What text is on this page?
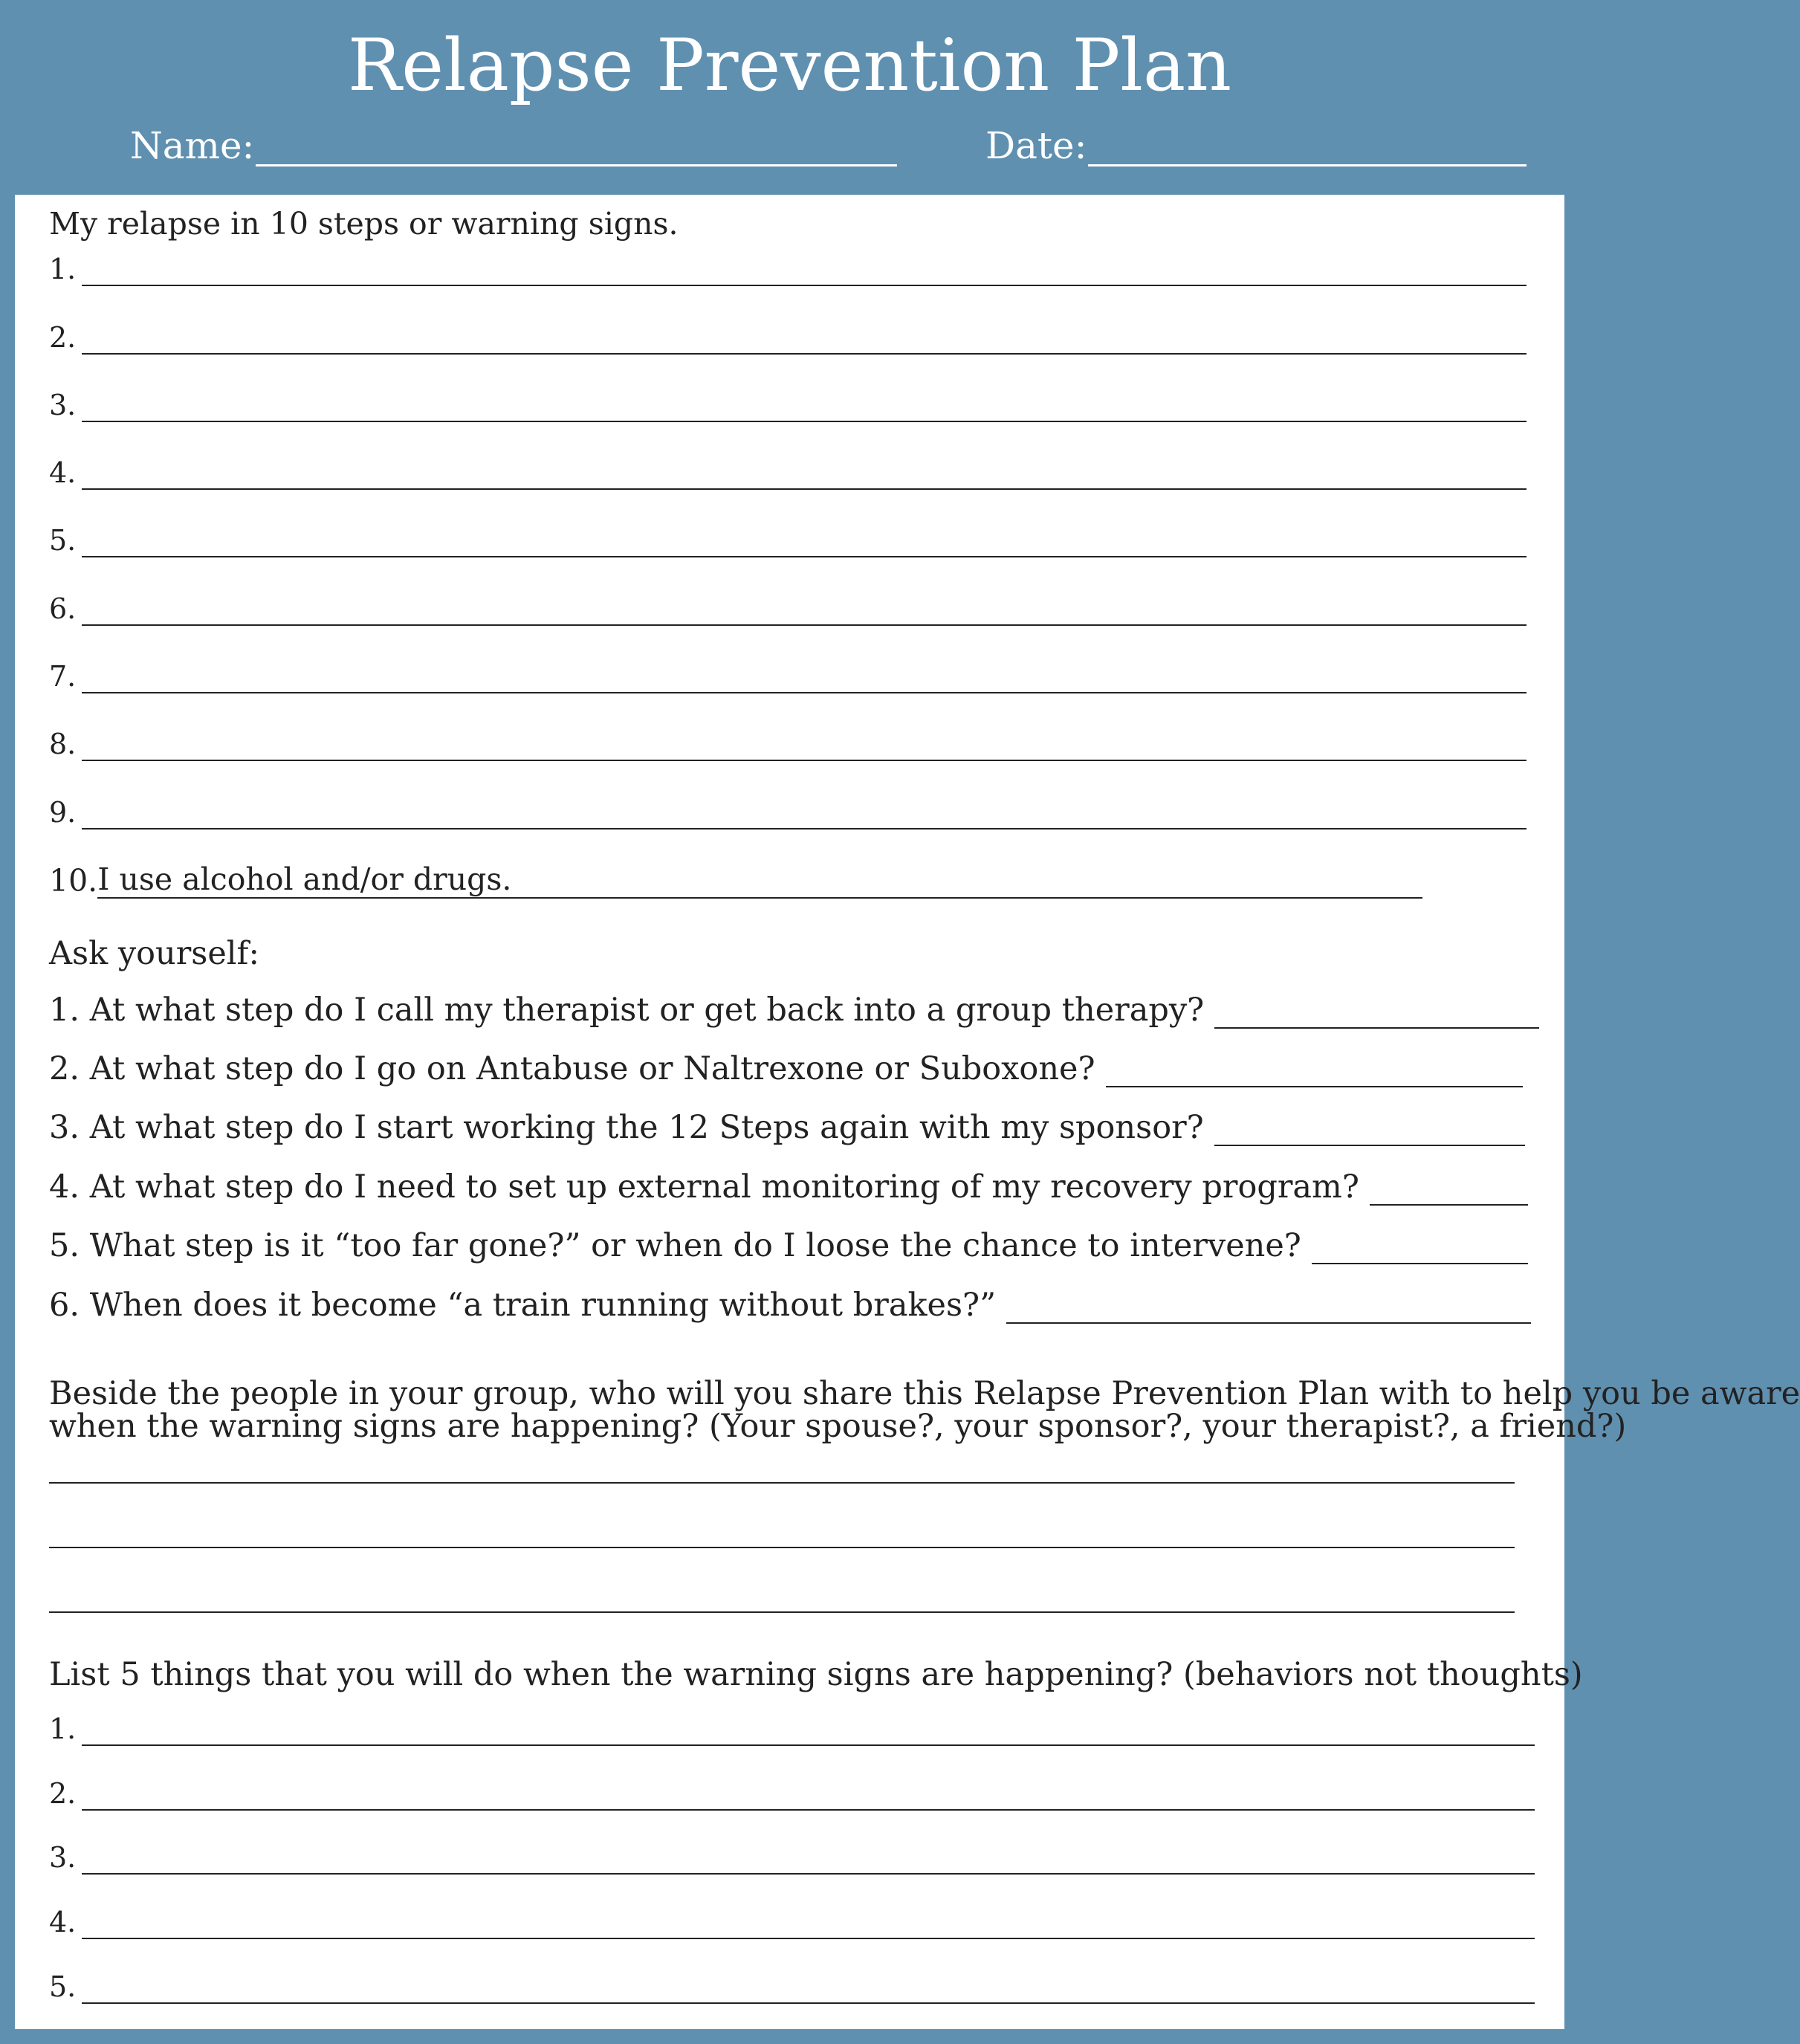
Relapse Prevention Plan
Name:	Date:
My relapse in 10 steps or warning signs.
1.
2.
3.
4.
5.
6.
7.
8.
9.
10. I use alcohol and/or drugs.
Ask yourself:
1. At what step do I call my therapist or get back into a group therapy?
2. At what step do I go on Antabuse or Naltrexone or Suboxone?
3. At what step do I start working the 12 Steps again with my sponsor?
4. At what step do I need to set up external monitoring of my recovery program?
5. What step is it “too far gone?” or when do I loose the chance to intervene?
6. When does it become “a train running without brakes?”
Beside the people in your group, who will you share this Relapse Prevention Plan with to help you be aware
when the warning signs are happening? (Your spouse?, your sponsor?, your therapist?, a friend?)
List 5 things that you will do when the warning signs are happening? (behaviors not thoughts)
1.
2.
3.
4.
5.
